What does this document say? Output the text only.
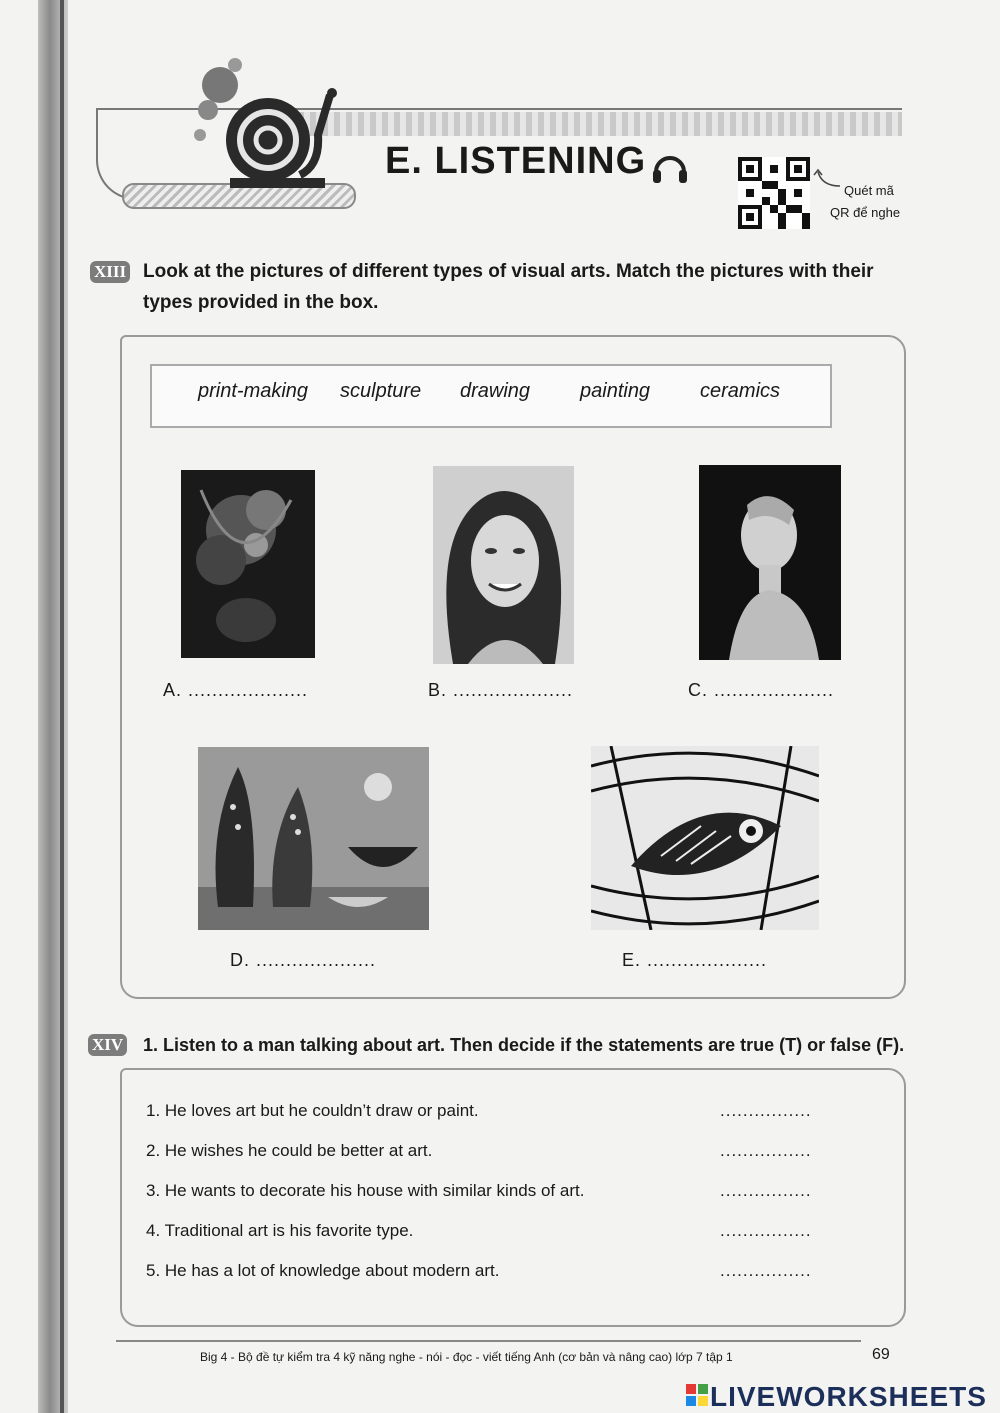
E. LISTENING
Quét mã
QR để nghe
XIII Look at the pictures of different types of visual arts. Match the pictures with their
types provided in the box.
print-making sculpture drawing painting ceramics
A. ....................	B. ....................	C. ....................
D. ....................	E. ....................
XIV 1. Listen to a man talking about art. Then decide if the statements are true (T) or false (F).
1. He loves art but he couldn’t draw or paint.	................
2. He wishes he could be better at art.	................
3. He wants to decorate his house with similar kinds of art.	................
4. Traditional art is his favorite type.	................
5. He has a lot of knowledge about modern art.	................
Big 4 - Bộ đề tự kiểm tra 4 kỹ năng nghe - nói - đọc - viết tiếng Anh (cơ bản và nâng cao) lớp 7 tập 1	69
LIVEWORKSHEETS
